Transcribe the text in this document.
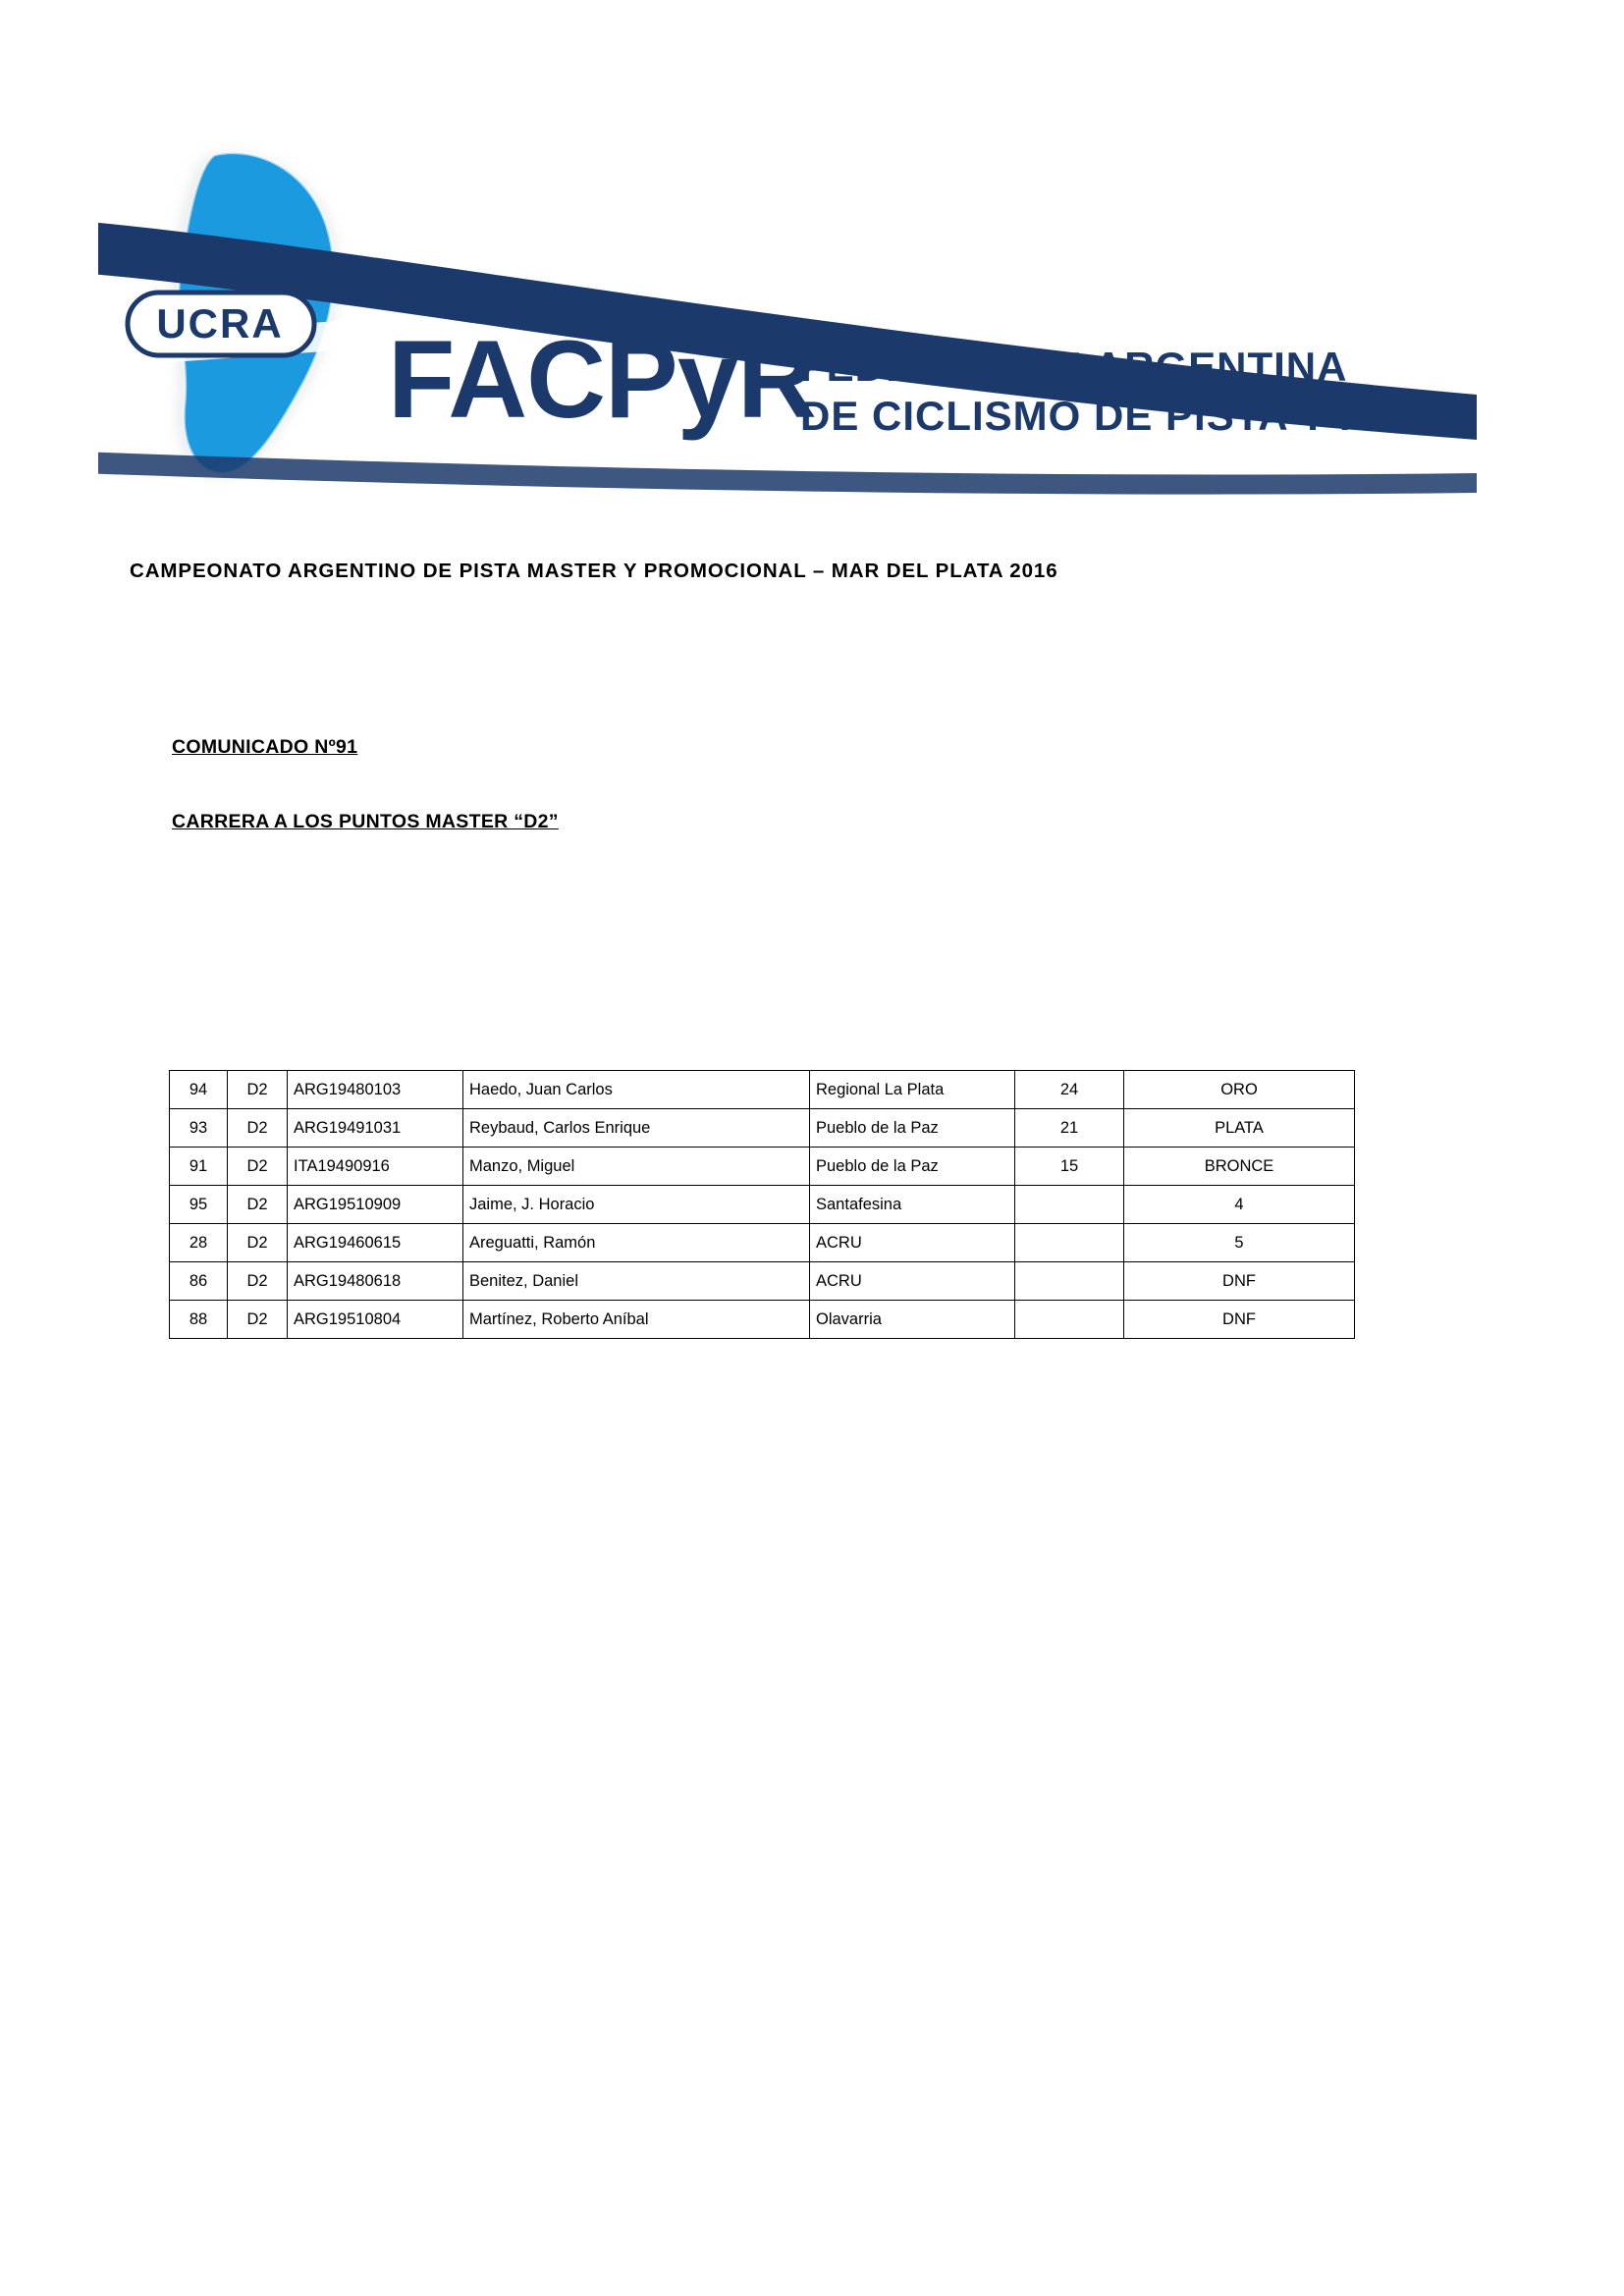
UCRA FACPyR
FEDERACION ARGENTINA
DE CICLISMO DE PISTA Y RUTA
CAMPEONATO ARGENTINO DE PISTA MASTER Y PROMOCIONAL – MAR DEL PLATA 2016
COMUNICADO Nº91
CARRERA A LOS PUNTOS MASTER “D2”
94	D2	ARG19480103	Haedo, Juan Carlos	Regional La Plata	24	ORO
93	D2	ARG19491031	Reybaud, Carlos Enrique	Pueblo de la Paz	21	PLATA
91	D2	ITA19490916	Manzo, Miguel	Pueblo de la Paz	15	BRONCE
95	D2	ARG19510909	Jaime, J. Horacio	Santafesina		4
28	D2	ARG19460615	Areguatti, Ramón	ACRU		5
86	D2	ARG19480618	Benitez, Daniel	ACRU		DNF
88	D2	ARG19510804	Martínez, Roberto Aníbal	Olavarria		DNF
